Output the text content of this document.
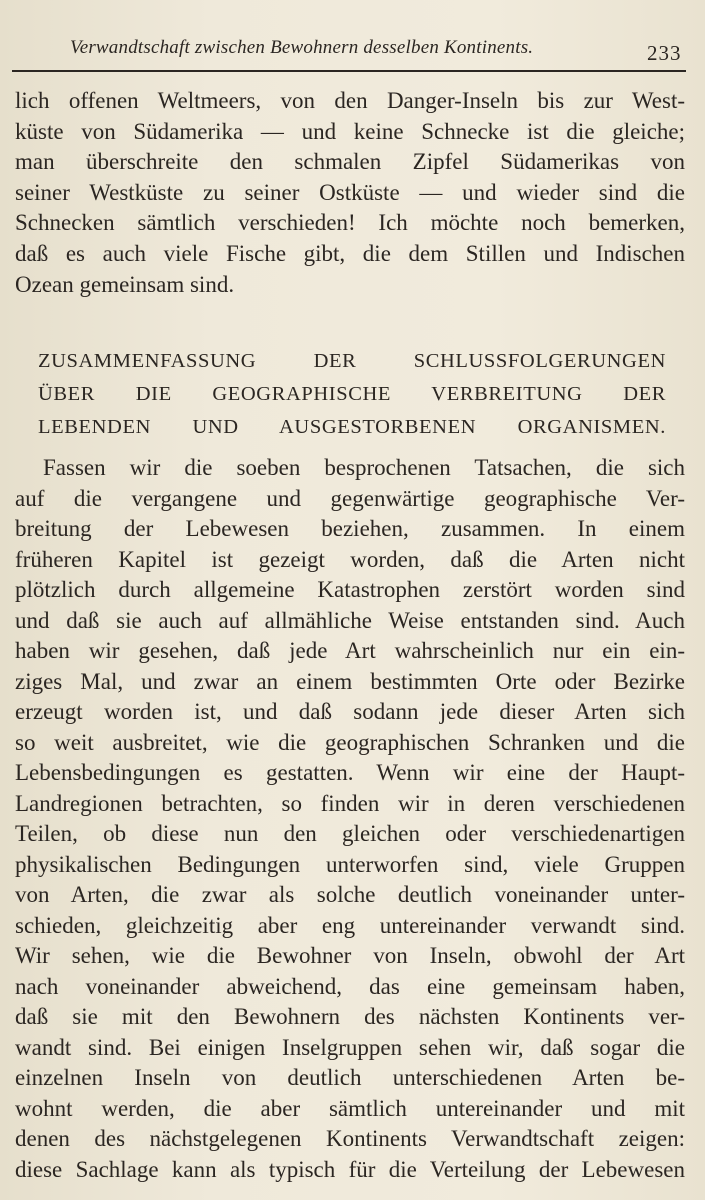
Verwandtschaft zwischen Bewohnern desselben Kontinents.	233
lich offenen Weltmeers, von den Danger-Inseln bis zur West-
küste von Südamerika — und keine Schnecke ist die gleiche;
man überschreite den schmalen Zipfel Südamerikas von
seiner Westküste zu seiner Ostküste — und wieder sind die
Schnecken sämtlich verschieden! Ich möchte noch bemerken,
daß es auch viele Fische gibt, die dem Stillen und Indischen
Ozean gemeinsam sind.
ZUSAMMENFASSUNG DER SCHLUSSFOLGERUNGEN
ÜBER DIE GEOGRAPHISCHE VERBREITUNG DER
LEBENDEN UND AUSGESTORBENEN ORGANISMEN.
Fassen wir die soeben besprochenen Tatsachen, die sich
auf die vergangene und gegenwärtige geographische Ver-
breitung der Lebewesen beziehen, zusammen. In einem
früheren Kapitel ist gezeigt worden, daß die Arten nicht
plötzlich durch allgemeine Katastrophen zerstört worden sind
und daß sie auch auf allmähliche Weise entstanden sind. Auch
haben wir gesehen, daß jede Art wahrscheinlich nur ein ein-
ziges Mal, und zwar an einem bestimmten Orte oder Bezirke
erzeugt worden ist, und daß sodann jede dieser Arten sich
so weit ausbreitet, wie die geographischen Schranken und die
Lebensbedingungen es gestatten. Wenn wir eine der Haupt-
Landregionen betrachten, so finden wir in deren verschiedenen
Teilen, ob diese nun den gleichen oder verschiedenartigen
physikalischen Bedingungen unterworfen sind, viele Gruppen
von Arten, die zwar als solche deutlich voneinander unter-
schieden, gleichzeitig aber eng untereinander verwandt sind.
Wir sehen, wie die Bewohner von Inseln, obwohl der Art
nach voneinander abweichend, das eine gemeinsam haben,
daß sie mit den Bewohnern des nächsten Kontinents ver-
wandt sind. Bei einigen Inselgruppen sehen wir, daß sogar die
einzelnen Inseln von deutlich unterschiedenen Arten be-
wohnt werden, die aber sämtlich untereinander und mit
denen des nächstgelegenen Kontinents Verwandtschaft zeigen:
diese Sachlage kann als typisch für die Verteilung der Lebewesen
